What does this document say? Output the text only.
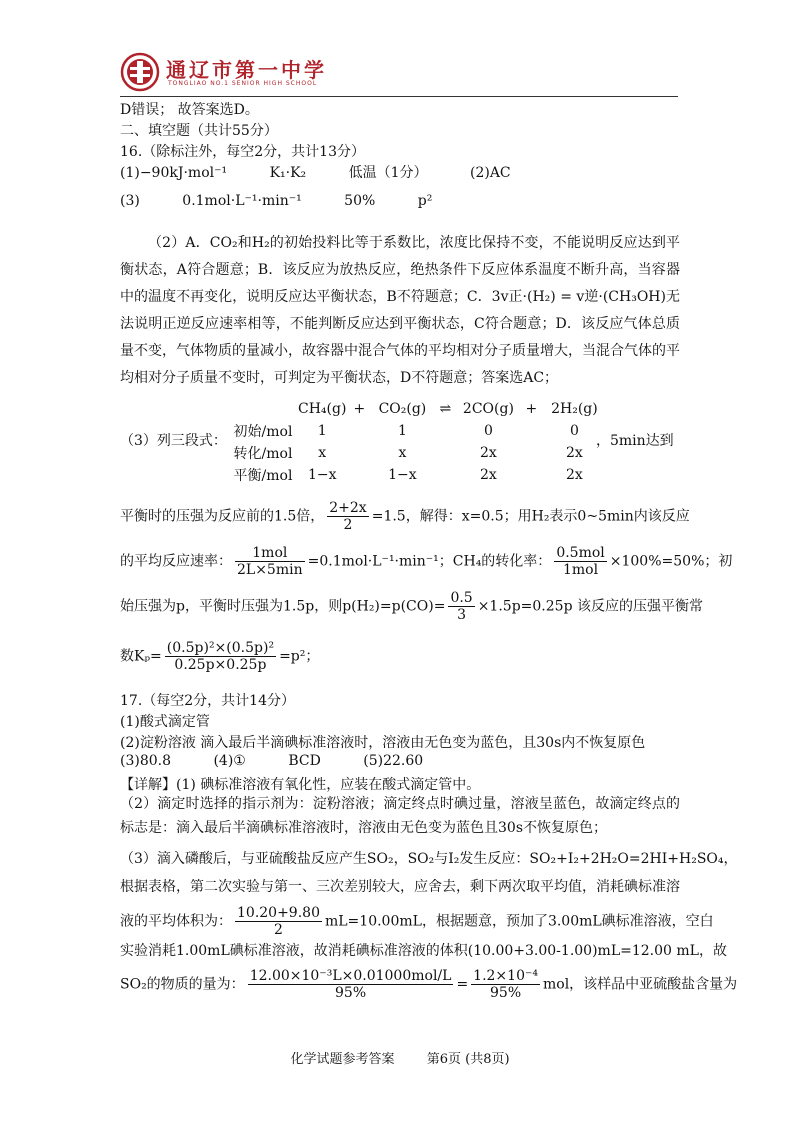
通辽市第一中学
TONGLIAO NO.1 SENIOR HIGH SCHOOL
D错误； 故答案选D。
二、填空题（共计55分）
16.（除标注外，每空2分，共计13分）
(1)−90kJ·mol⁻¹	K₁·K₂	低温（1分）	(2)AC
(3)	0.1mol·L⁻¹·min⁻¹	50%	p²
（2）A．CO₂和H₂的初始投料比等于系数比，浓度比保持不变，不能说明反应达到平衡状态，A符合题意；B．该反应为放热反应，绝热条件下反应体系温度不断升高，当容器中的温度不再变化，说明反应达平衡状态，B不符题意；C．3v正·(H₂) = v逆·(CH₃OH)无法说明正逆反应速率相等，不能判断反应达到平衡状态，C符合题意；D．该反应气体总质量不变，气体物质的量减小，故容器中混合气体的平均相对分子质量增大，当混合气体的平均相对分子质量不变时，可判定为平衡状态，D不符题意；答案选AC；
（3）列三段式：
	CH₄(g)	+	CO₂(g)	⇌	2CO(g)	+	2H₂(g)
初始/mol	1		1		0		0
转化/mol	x		x		2x		2x
平衡/mol	1−x		1−x		2x		2x
，5min达到
平衡时的压强为反应前的1.5倍， $\frac{2+2x}{2} =1.5$，解得：x=0.5；用H₂表示0~5min内该反应
的平均反应速率： $\frac{\text{1mol}}{2L\times 5\min} =0.1mol\cdot L^{-1}\cdot\min^{-1}$；CH₄的转化率： $\frac{\text{0.5mol}}{\text{1mol}} \times 100\%=50\%$；初
始压强为p，平衡时压强为1.5p，则$p(H_2)=p(CO)= \frac{0.5}{3} \times 1.5p=0.25p$ 该反应的压强平衡常
数$K_p= \frac{\text{(0.5p)²×(0.5p)²}}{0.25p\times 0.25p} =p^2$；
17.（每空2分，共计14分）
(1)酸式滴定管
(2)淀粉溶液 滴入最后半滴碘标准溶液时，溶液由无色变为蓝色，且30s内不恢复原色
(3)80.8	(4)①	BCD	(5)22.60
【详解】(1) 碘标准溶液有氧化性，应装在酸式滴定管中。
（2）滴定时选择的指示剂为：淀粉溶液；滴定终点时碘过量，溶液呈蓝色，故滴定终点的标志是：滴入最后半滴碘标准溶液时，溶液由无色变为蓝色且30s不恢复原色；
（3）滴入磷酸后，与亚硫酸盐反应产生SO₂，SO₂与I₂发生反应：SO₂+I₂+2H₂O=2HI+H₂SO₄，
根据表格，第二次实验与第一、三次差别较大，应舍去，剩下两次取平均值，消耗碘标准溶
液的平均体积为： $\frac{10.20+9.80}{2} mL=10.00mL$，根据题意，预加了3.00mL碘标准溶液，空白
实验消耗1.00mL碘标准溶液，故消耗碘标准溶液的体积(10.00+3.00-1.00)mL=12.00 mL，故
SO₂的物质的量为： $\frac{\text{12.00×10⁻³L×0.01000mol/L}}{95\%} = \frac{\text{1.2×10⁻⁴}}{95\%}$ mol，该样品中亚硫酸盐含量为
化学试题参考答案 第6页 (共8页)
